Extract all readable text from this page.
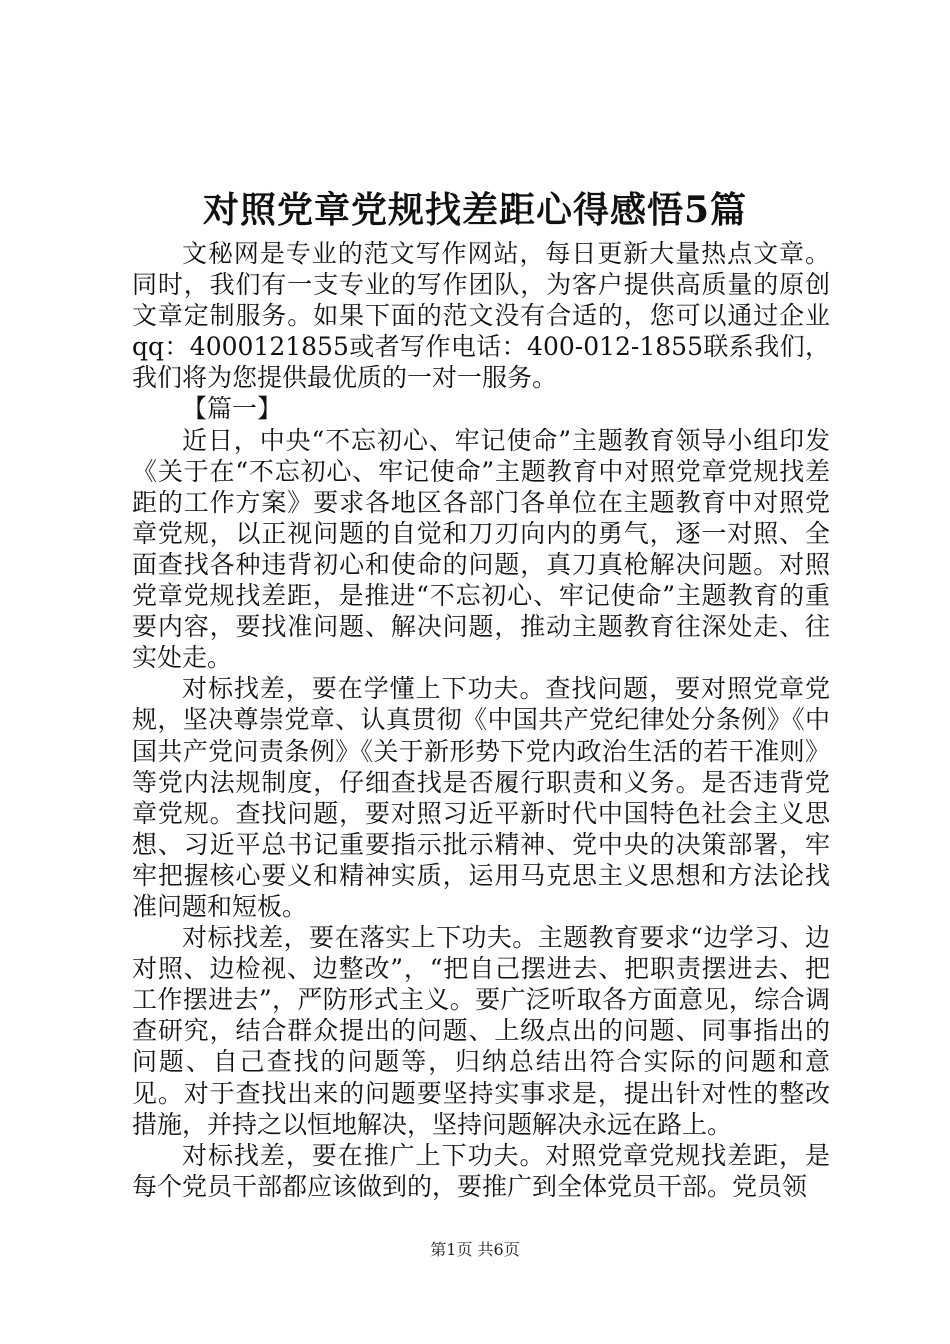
对照党章党规找差距心得感悟5篇

文秘网是专业的范文写作网站，每日更新大量热点文章。同时，我们有一支专业的写作团队，为客户提供高质量的原创文章定制服务。如果下面的范文没有合适的，您可以通过企业qq：4000121855或者写作电话：400-012-1855联系我们，我们将为您提供最优质的一对一服务。

【篇一】

近日，中央“不忘初心、牢记使命”主题教育领导小组印发《关于在“不忘初心、牢记使命”主题教育中对照党章党规找差距的工作方案》要求各地区各部门各单位在主题教育中对照党章党规，以正视问题的自觉和刀刃向内的勇气，逐一对照、全面查找各种违背初心和使命的问题，真刀真枪解决问题。对照党章党规找差距，是推进“不忘初心、牢记使命”主题教育的重要内容，要找准问题、解决问题，推动主题教育往深处走、往实处走。

对标找差，要在学懂上下功夫。查找问题，要对照党章党规，坚决尊崇党章、认真贯彻《中国共产党纪律处分条例》《中国共产党问责条例》《关于新形势下党内政治生活的若干准则》等党内法规制度，仔细查找是否履行职责和义务。是否违背党章党规。查找问题，要对照习近平新时代中国特色社会主义思想、习近平总书记重要指示批示精神、党中央的决策部署，牢牢把握核心要义和精神实质，运用马克思主义思想和方法论找准问题和短板。

对标找差，要在落实上下功夫。主题教育要求“边学习、边对照、边检视、边整改”，“把自己摆进去、把职责摆进去、把工作摆进去”，严防形式主义。要广泛听取各方面意见，综合调查研究，结合群众提出的问题、上级点出的问题、同事指出的问题、自己查找的问题等，归纳总结出符合实际的问题和意见。对于查找出来的问题要坚持实事求是，提出针对性的整改措施，并持之以恒地解决，坚持问题解决永远在路上。

对标找差，要在推广上下功夫。对照党章党规找差距，是每个党员干部都应该做到的，要推广到全体党员干部。党员领

第1页 共6页
